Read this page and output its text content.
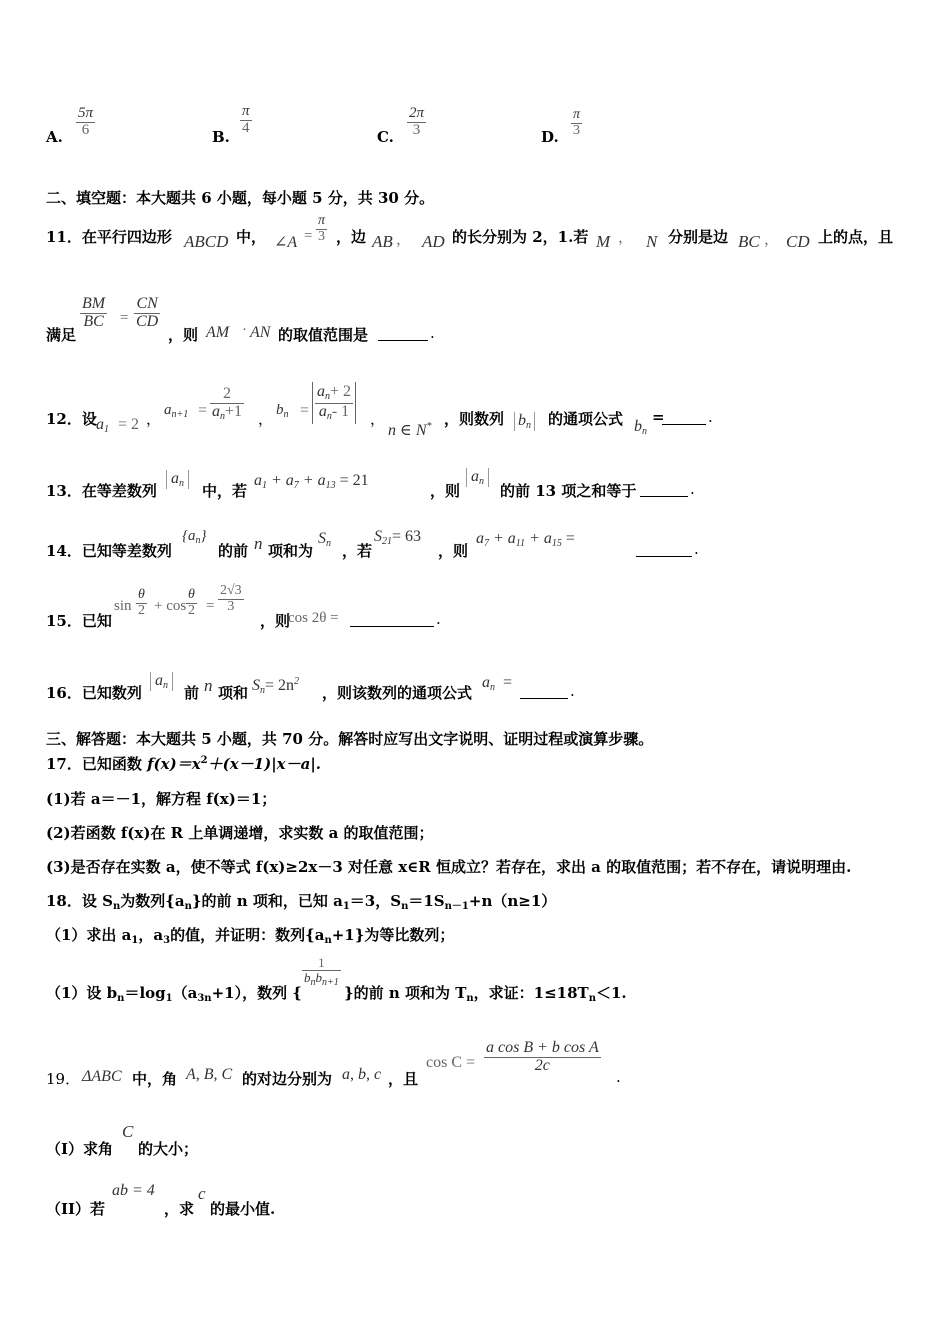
A. $\frac{5\pi}{6}$	B.
$\frac{\pi}{4}$
C. $\frac{2\pi}{3}$	D. $\frac{\pi}{3}$
二、填空题：本大题共 6 小题，每小题 5 分，共 30 分。
11．在平行四边形 ABCD 中， ∠A = $\frac{\pi}{3}$ ，边 AB ， AD 的长分别为 2，1.若 M ， N 分别是边 BC ， CD 上的点，且
满足
$\frac{BM}{BC} = \frac{CN}{CD}$
，则 AM · AN 的取值范围是	.
12．设 $a_1 = 2$ ， $a_{n+1} = \frac{2}{a_n+1}$ ， $b_n = \frac{a_n+ 2}{a_n- 1}$ ，
n ∈ N* ，则数列 $b_n$ 的通项公式 $b_n$
=	.
13．在等差数列
$a_n$	中，若
$a_1 + a_7 + a_{13} = 21$
，则
$a_n$
的前 13 项之和等于	.
14．已知等差数列
$\{a_n\}$
的前 n 项和为
$S_n$ ，若
$S_{21}= 63$
，则
$a_7 + a_{11} + a_{15}$ =
.
15．已知
$\sin \frac{\theta}{2} + \cos \frac{\theta}{2} = \frac{2√3}{3}$
，则
cos 2θ =	.
16．已知数列
$a_n$	前 n 项和 $S_n= 2n^2$
，则该数列的通项公式
$a_n$ =	.
三、解答题：本大题共 5 小题，共 70 分。解答时应写出文字说明、证明过程或演算步骤。
17．已知函数 $f(x)=x^2+(x-1)|x-a|$.
(1)若 a＝－1，解方程 f(x)＝1；
(2)若函数 f(x)在 R 上单调递增，求实数 a 的取值范围；
(3)是否存在实数 a，使不等式 f(x)≥2x－3 对任意 x∈R 恒成立？若存在，求出 a 的取值范围；若不存在，请说明理由.
18．设 $S_n$为数列$\{a_n\}$的前 n 项和，已知 $a_1=3$，$S_n=1S_{n-1}+n(n\ge 1)$
（1）求出 $a_1$，$a_3$的值，并证明：数列$\{a_n+1\}$为等比数列；
（1）设 $b_n=\log_1(a_{3n}+1)$，数列 {
1
$b_nb_{n+1}$
}的前 n 项和为 $T_n$，求证：$1\le 18T_n<1$.
19． ΔABC 中，角 A, B, C 的对边分别为 a, b, c ，且
$\cos C = \frac{\text{a cos B + b cos A}}{2c}$
.
（I）求角
C
的大小；
（II）若
ab = 4
，求
c
的最小值.
